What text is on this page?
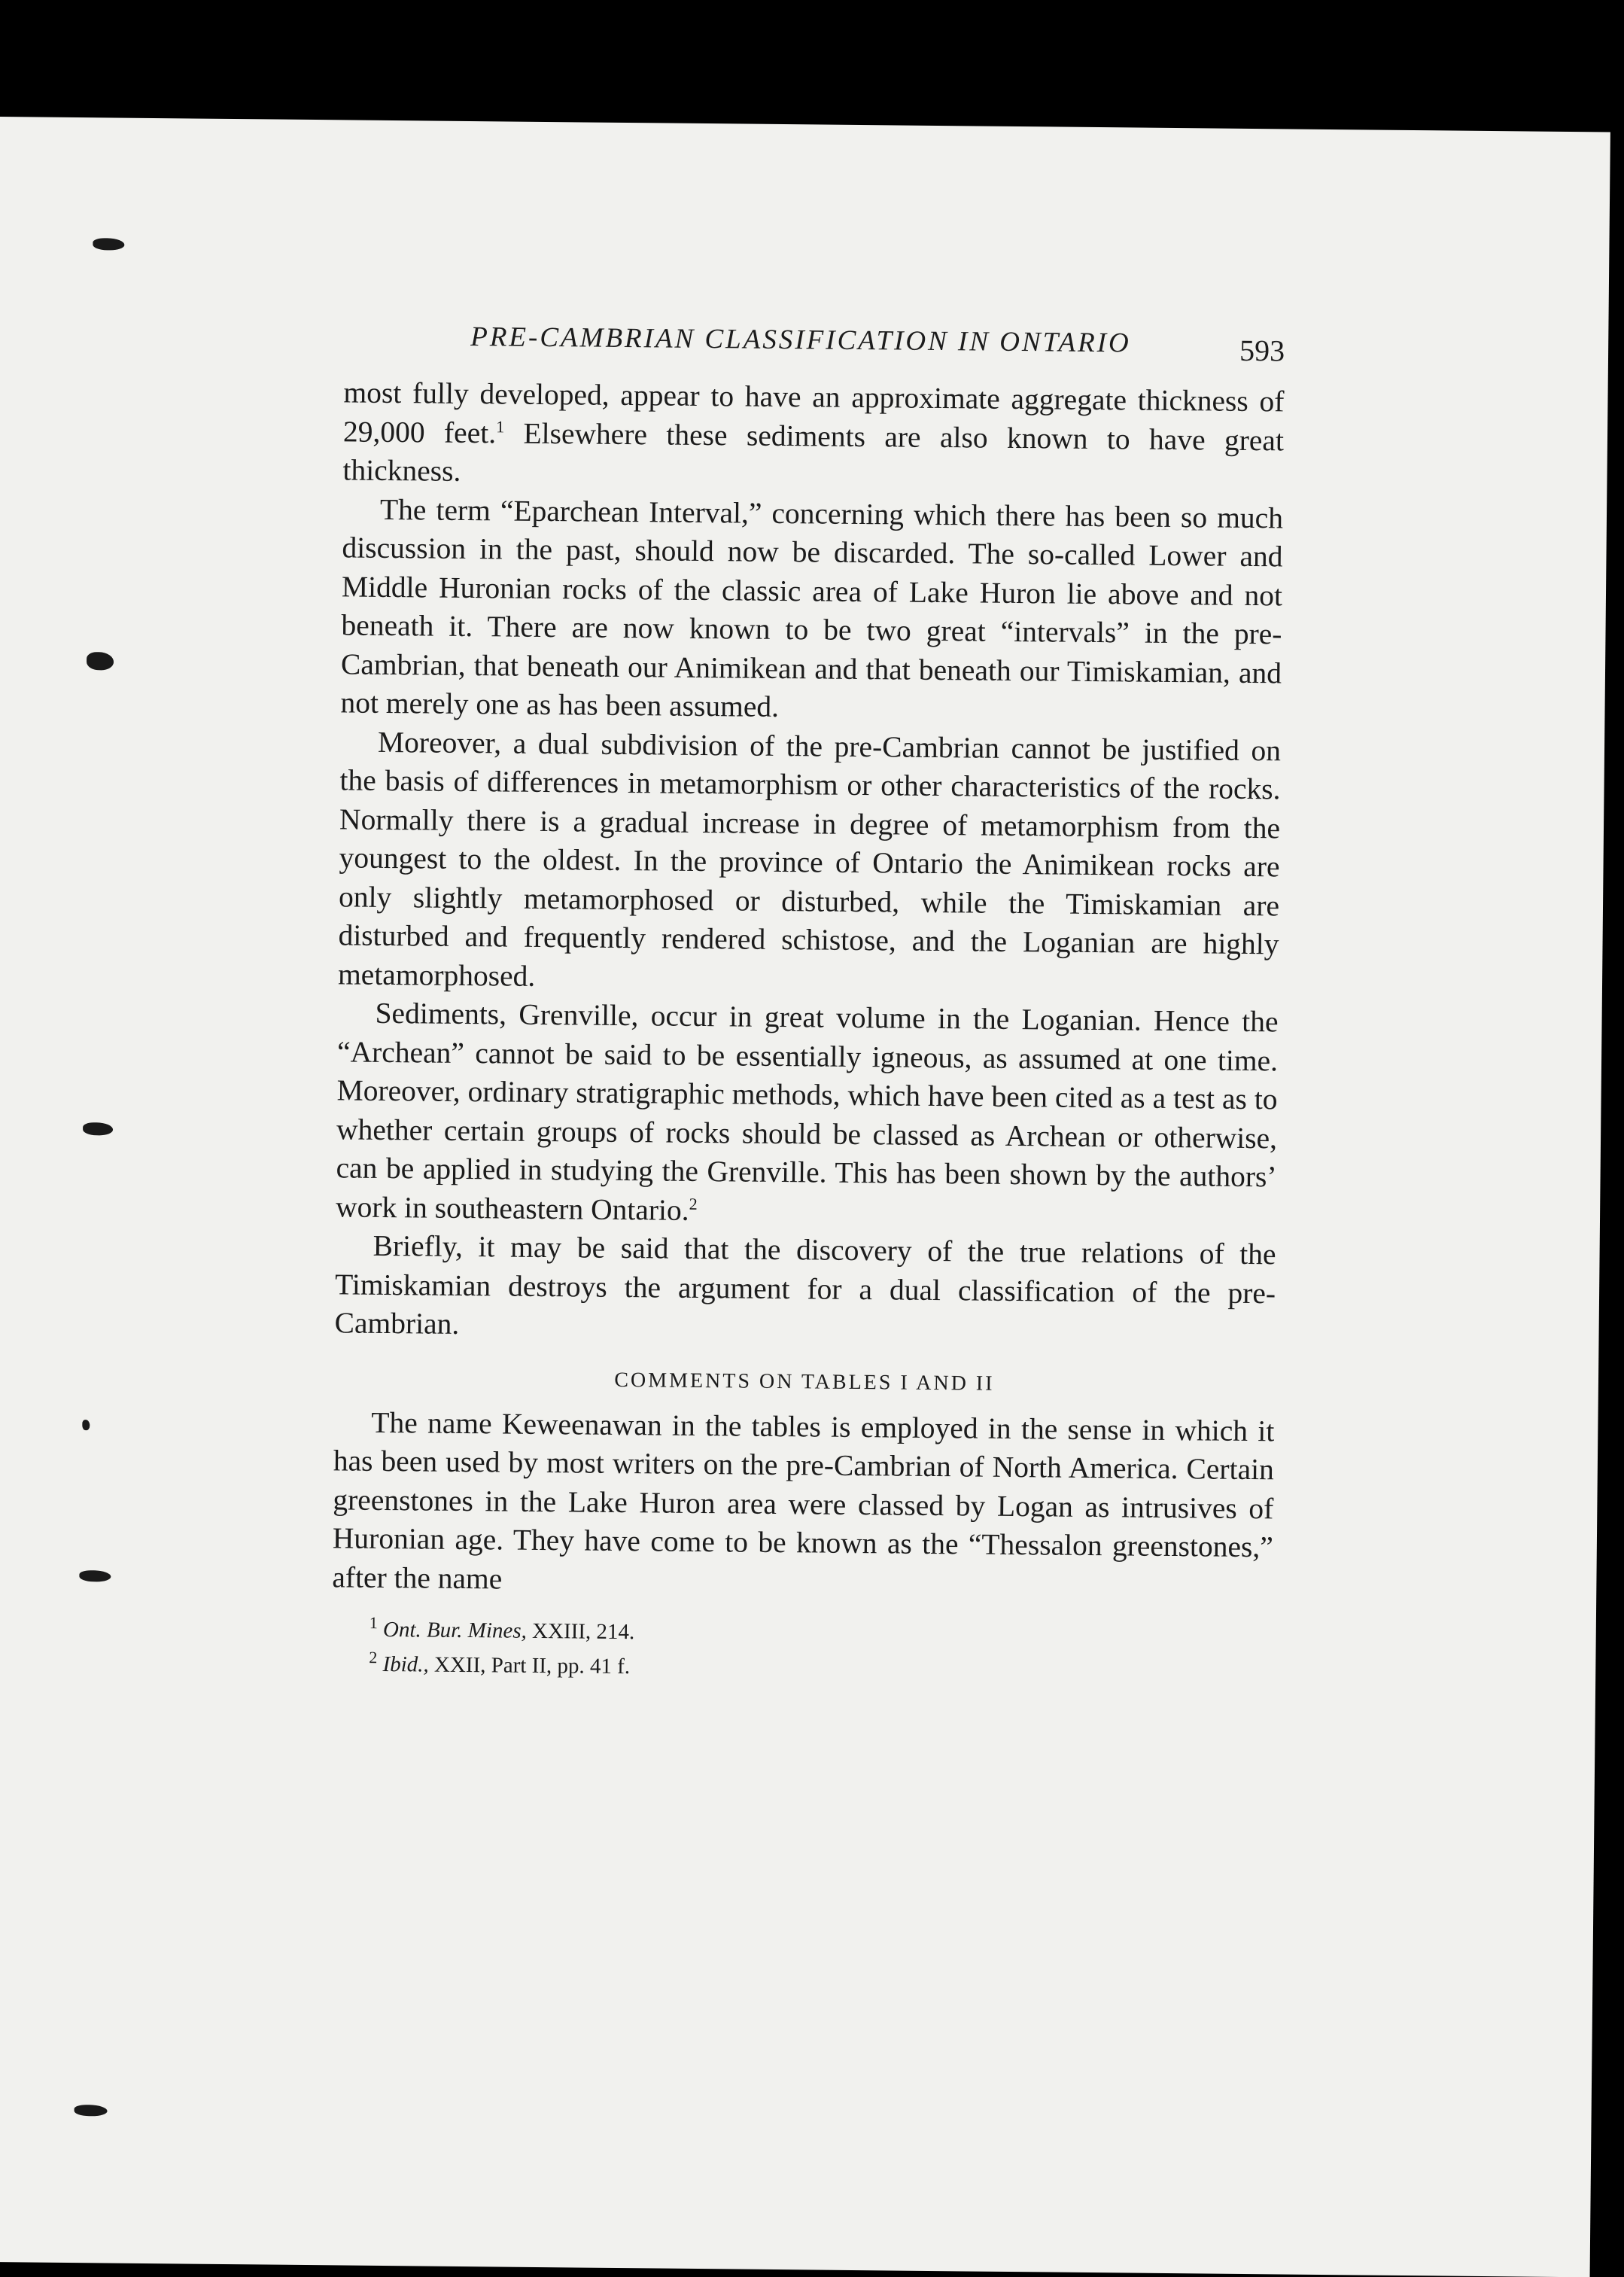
PRE-CAMBRIAN CLASSIFICATION IN ONTARIO	593

most fully developed, appear to have an approximate aggregate thickness of 29,000 feet.$^1$ Elsewhere these sediments are also known to have great thickness.

The term “Eparchean Interval,” concerning which there has been so much discussion in the past, should now be discarded. The so-called Lower and Middle Huronian rocks of the classic area of Lake Huron lie above and not beneath it. There are now known to be two great “intervals” in the pre-Cambrian, that beneath our Animikean and that beneath our Timiskamian, and not merely one as has been assumed.

Moreover, a dual subdivision of the pre-Cambrian cannot be justified on the basis of differences in metamorphism or other characteristics of the rocks. Normally there is a gradual increase in degree of metamorphism from the youngest to the oldest. In the province of Ontario the Animikean rocks are only slightly metamorphosed or disturbed, while the Timiskamian are disturbed and frequently rendered schistose, and the Loganian are highly metamorphosed.

Sediments, Grenville, occur in great volume in the Loganian. Hence the “Archean” cannot be said to be essentially igneous, as assumed at one time. Moreover, ordinary stratigraphic methods, which have been cited as a test as to whether certain groups of rocks should be classed as Archean or otherwise, can be applied in studying the Grenville. This has been shown by the authors’ work in southeastern Ontario.$^2$

Briefly, it may be said that the discovery of the true relations of the Timiskamian destroys the argument for a dual classification of the pre-Cambrian.

COMMENTS ON TABLES I AND II

The name Keweenawan in the tables is employed in the sense in which it has been used by most writers on the pre-Cambrian of North America. Certain greenstones in the Lake Huron area were classed by Logan as intrusives of Huronian age. They have come to be known as the “Thessalon greenstones,” after the name

$^1$ Ont. Bur. Mines, XXIII, 214.
$^2$ Ibid., XXII, Part II, pp. 41 f.
